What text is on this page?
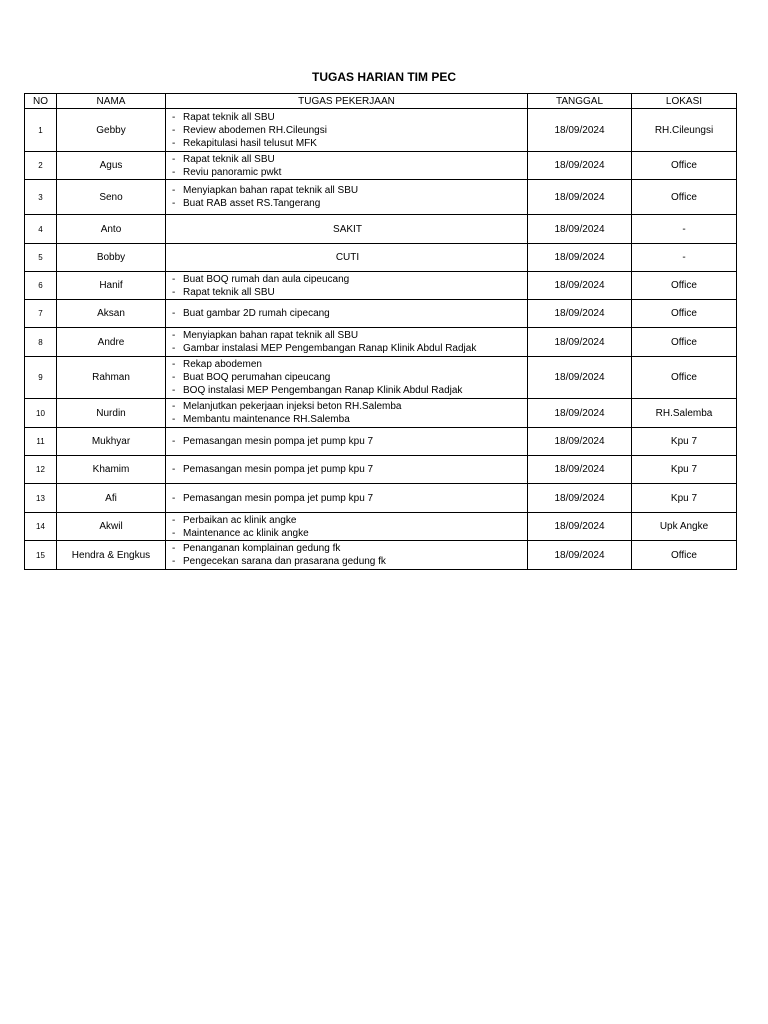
TUGAS HARIAN TIM PEC
NO	NAMA	TUGAS PEKERJAAN	TANGGAL	LOKASI
1	Gebby	- Rapat teknik all SBU
- Review abodemen RH.Cileungsi
- Rekapitulasi hasil telusut MFK	18/09/2024	RH.Cileungsi
2	Agus	- Rapat teknik all SBU
- Reviu panoramic pwkt	18/09/2024	Office
3	Seno	- Menyiapkan bahan rapat teknik all SBU
- Buat RAB asset RS.Tangerang	18/09/2024	Office
4	Anto	SAKIT	18/09/2024	-
5	Bobby	CUTI	18/09/2024	-
6	Hanif	- Buat BOQ rumah dan aula cipeucang
- Rapat teknik all SBU	18/09/2024	Office
7	Aksan	- Buat gambar 2D rumah cipecang	18/09/2024	Office
8	Andre	- Menyiapkan bahan rapat teknik all SBU
- Gambar instalasi MEP Pengembangan Ranap Klinik Abdul Radjak	18/09/2024	Office
9	Rahman	- Rekap abodemen
- Buat BOQ perumahan cipeucang
- BOQ instalasi MEP Pengembangan Ranap Klinik Abdul Radjak	18/09/2024	Office
10	Nurdin	- Melanjutkan pekerjaan injeksi beton RH.Salemba
- Membantu maintenance RH.Salemba	18/09/2024	RH.Salemba
11	Mukhyar	- Pemasangan mesin pompa jet pump kpu 7	18/09/2024	Kpu 7
12	Khamim	- Pemasangan mesin pompa jet pump kpu 7	18/09/2024	Kpu 7
13	Afi	- Pemasangan mesin pompa jet pump kpu 7	18/09/2024	Kpu 7
14	Akwil	- Perbaikan ac klinik angke
- Maintenance ac klinik angke	18/09/2024	Upk Angke
15	Hendra & Engkus	- Penanganan komplainan gedung fk
- Pengecekan sarana dan prasarana gedung fk	18/09/2024	Office
